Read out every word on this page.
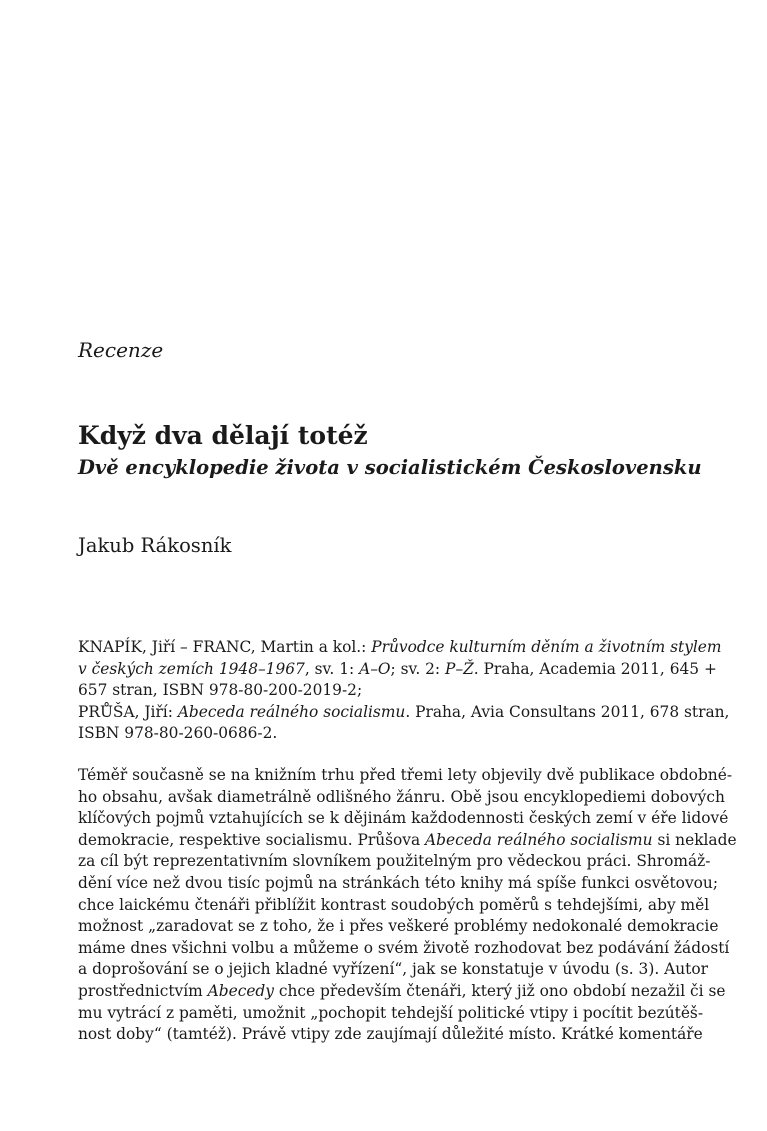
Recenze
Když dva dělají totéž
Dvě encyklopedie života v socialistickém Československu
Jakub Rákosník
KNAPÍK, Jiří – FRANC, Martin a kol.: Průvodce kulturním děním a životním stylem
v českých zemích 1948–1967, sv. 1: A–O; sv. 2: P–Ž. Praha, Academia 2011, 645 +
657 stran, ISBN 978-80-200-2019-2;
PRŮŠA, Jiří: Abeceda reálného socialismu. Praha, Avia Consultans 2011, 678 stran,
ISBN 978-80-260-0686-2.
Téměř současně se na knižním trhu před třemi lety objevily dvě publikace obdobné-
ho obsahu, avšak diametrálně odlišného žánru. Obě jsou encyklopediemi dobových
klíčových pojmů vztahujících se k dějinám každodennosti českých zemí v éře lidové
demokracie, respektive socialismu. Průšova Abeceda reálného socialismu si neklade
za cíl být reprezentativním slovníkem použitelným pro vědeckou práci. Shromáž-
dění více než dvou tisíc pojmů na stránkách této knihy má spíše funkci osvětovou;
chce laickému čtenáři přiblížit kontrast soudobých poměrů s tehdejšími, aby měl
možnost „zaradovat se z toho, že i přes veškeré problémy nedokonalé demokracie
máme dnes všichni volbu a můžeme o svém životě rozhodovat bez podávání žádostí
a doprošování se o jejich kladné vyřízení“, jak se konstatuje v úvodu (s. 3). Autor
prostřednictvím Abecedy chce především čtenáři, který již ono období nezažil či se
mu vytrácí z paměti, umožnit „pochopit tehdejší politické vtipy i pocítit bezútěš-
nost doby“ (tamtéž). Právě vtipy zde zaujímají důležité místo. Krátké komentáře
